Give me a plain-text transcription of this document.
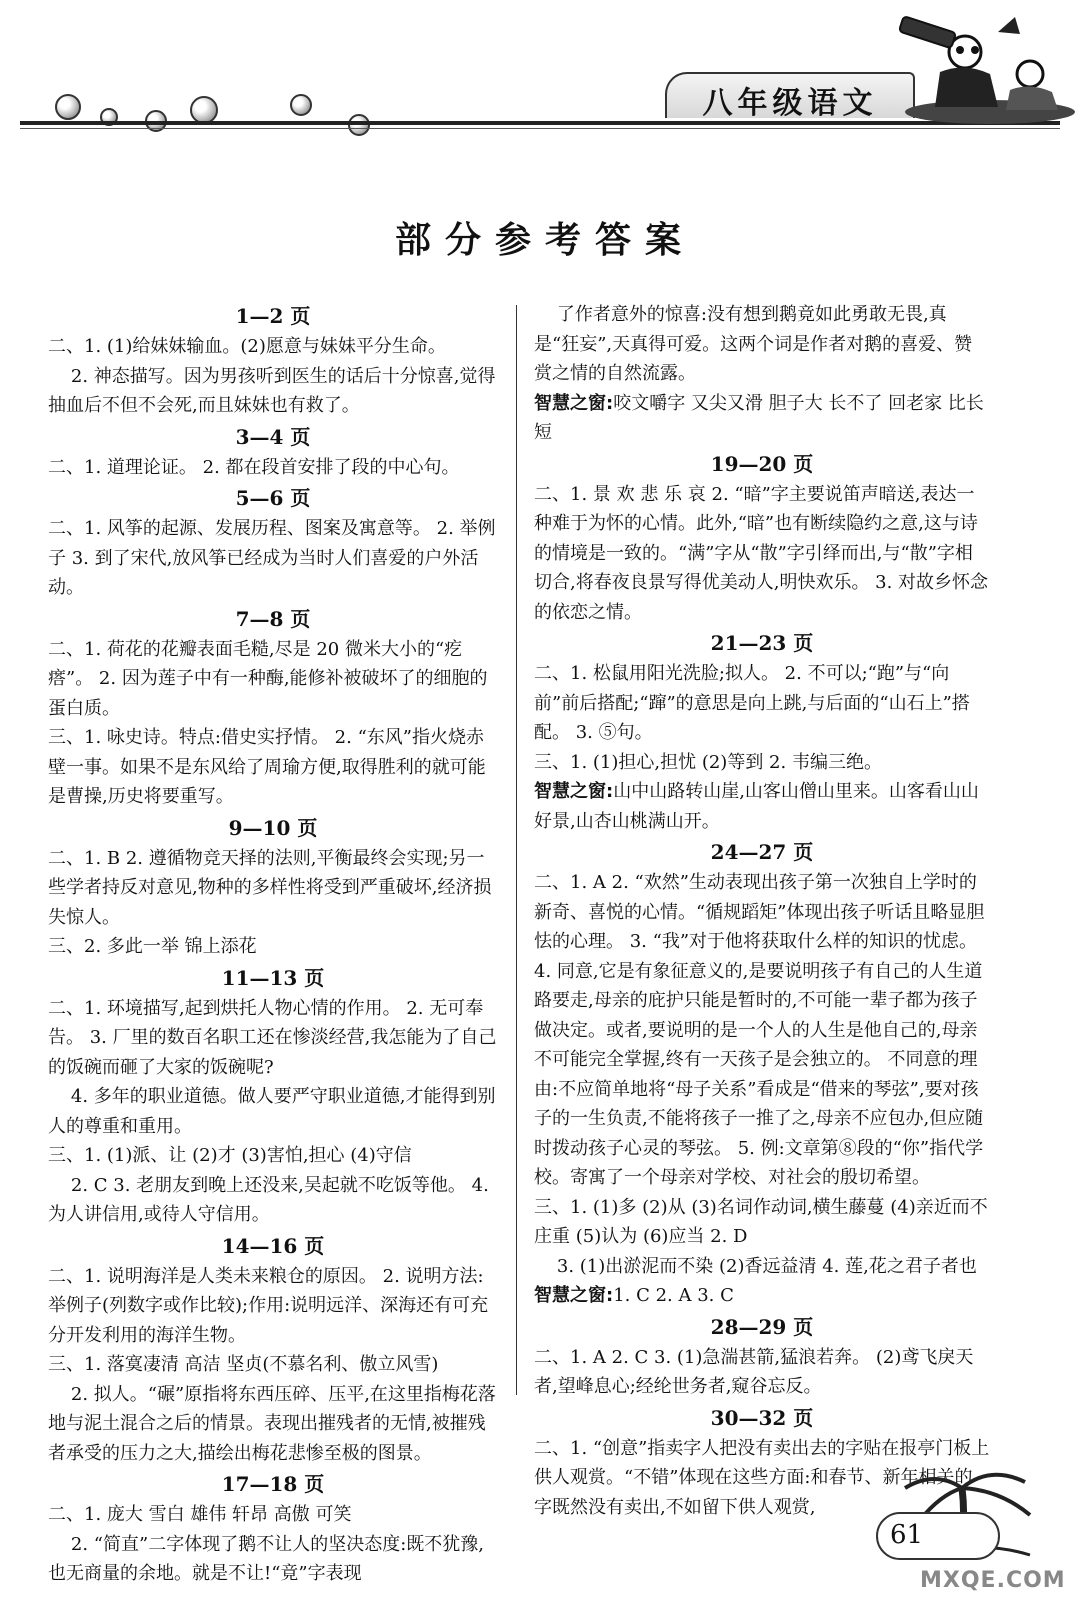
八年级语文
部分参考答案
1—2 页
二、1. (1)给妹妹输血。(2)愿意与妹妹平分生命。
2. 神态描写。因为男孩听到医生的话后十分惊喜,觉得抽血后不但不会死,而且妹妹也有救了。
3—4 页
二、1. 道理论证。 2. 都在段首安排了段的中心句。
5—6 页
二、1. 风筝的起源、发展历程、图案及寓意等。 2. 举例子 3. 到了宋代,放风筝已经成为当时人们喜爱的户外活动。
7—8 页
二、1. 荷花的花瓣表面毛糙,尽是 20 微米大小的“疙瘩”。 2. 因为莲子中有一种酶,能修补被破坏了的细胞的蛋白质。
三、1. 咏史诗。特点:借史实抒情。 2. “东风”指火烧赤壁一事。如果不是东风给了周瑜方便,取得胜利的就可能是曹操,历史将要重写。
9—10 页
二、1. B 2. 遵循物竞天择的法则,平衡最终会实现;另一些学者持反对意见,物种的多样性将受到严重破坏,经济损失惊人。
三、2. 多此一举 锦上添花
11—13 页
二、1. 环境描写,起到烘托人物心情的作用。 2. 无可奉告。 3. 厂里的数百名职工还在惨淡经营,我怎能为了自己的饭碗而砸了大家的饭碗呢?
4. 多年的职业道德。做人要严守职业道德,才能得到别人的尊重和重用。
三、1. (1)派、让 (2)才 (3)害怕,担心 (4)守信
2. C 3. 老朋友到晚上还没来,吴起就不吃饭等他。 4. 为人讲信用,或待人守信用。
14—16 页
二、1. 说明海洋是人类未来粮仓的原因。 2. 说明方法:举例子(列数字或作比较);作用:说明远洋、深海还有可充分开发利用的海洋生物。
三、1. 落寞凄清 高洁 坚贞(不慕名利、傲立风雪)
2. 拟人。“碾”原指将东西压碎、压平,在这里指梅花落地与泥土混合之后的情景。表现出摧残者的无情,被摧残者承受的压力之大,描绘出梅花悲惨至极的图景。
17—18 页
二、1. 庞大 雪白 雄伟 轩昂 高傲 可笑
2. “简直”二字体现了鹅不让人的坚决态度:既不犹豫,也无商量的余地。就是不让!“竟”字表现
了作者意外的惊喜:没有想到鹅竟如此勇敢无畏,真是“狂妄”,天真得可爱。这两个词是作者对鹅的喜爱、赞赏之情的自然流露。
智慧之窗:咬文嚼字 又尖又滑 胆子大 长不了 回老家 比长短
19—20 页
二、1. 景 欢 悲 乐 哀 2. “暗”字主要说笛声暗送,表达一种难于为怀的心情。此外,“暗”也有断续隐约之意,这与诗的情境是一致的。“满”字从“散”字引绎而出,与“散”字相切合,将春夜良景写得优美动人,明快欢乐。 3. 对故乡怀念的依恋之情。
21—23 页
二、1. 松鼠用阳光洗脸;拟人。 2. 不可以;“跑”与“向前”前后搭配;“蹿”的意思是向上跳,与后面的“山石上”搭配。 3. ⑤句。
三、1. (1)担心,担忧 (2)等到 2. 韦编三绝。
智慧之窗:山中山路转山崖,山客山僧山里来。山客看山山好景,山杏山桃满山开。
24—27 页
二、1. A 2. “欢然”生动表现出孩子第一次独自上学时的新奇、喜悦的心情。“循规蹈矩”体现出孩子听话且略显胆怯的心理。 3. “我”对于他将获取什么样的知识的忧虑。 4. 同意,它是有象征意义的,是要说明孩子有自己的人生道路要走,母亲的庇护只能是暂时的,不可能一辈子都为孩子做决定。或者,要说明的是一个人的人生是他自己的,母亲不可能完全掌握,终有一天孩子是会独立的。 不同意的理由:不应简单地将“母子关系”看成是“借来的琴弦”,要对孩子的一生负责,不能将孩子一推了之,母亲不应包办,但应随时拨动孩子心灵的琴弦。 5. 例:文章第⑧段的“你”指代学校。寄寓了一个母亲对学校、对社会的殷切希望。
三、1. (1)多 (2)从 (3)名词作动词,横生藤蔓 (4)亲近而不庄重 (5)认为 (6)应当 2. D
3. (1)出淤泥而不染 (2)香远益清 4. 莲,花之君子者也
智慧之窗:1. C 2. A 3. C
28—29 页
二、1. A 2. C 3. (1)急湍甚箭,猛浪若奔。 (2)鸢飞戾天者,望峰息心;经纶世务者,窥谷忘反。
30—32 页
二、1. “创意”指卖字人把没有卖出去的字贴在报亭门板上供人观赏。“不错”体现在这些方面:和春节、新年相关的字既然没有卖出,不如留下供人观赏,
61
MXQE.COM
